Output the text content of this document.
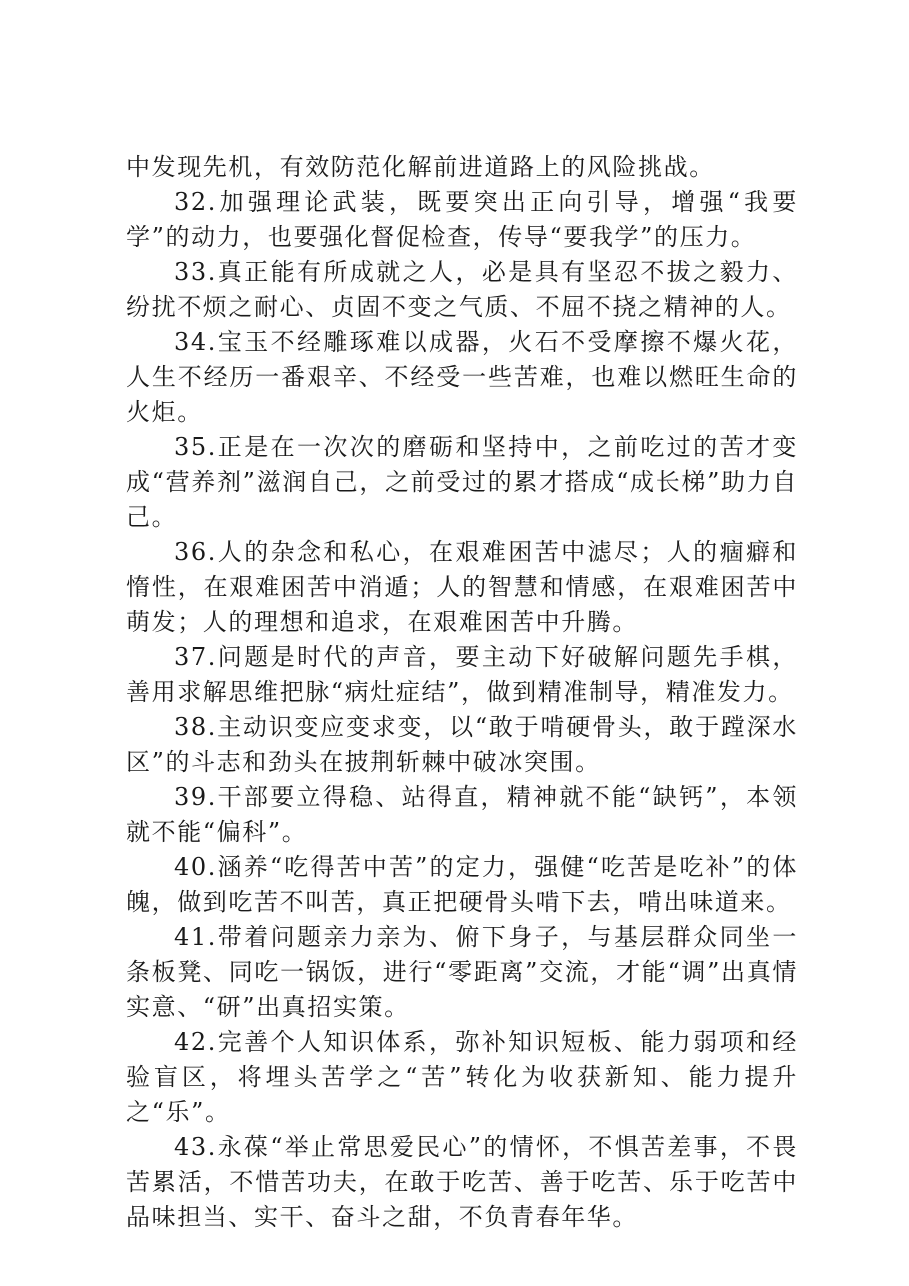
中发现先机，有效防范化解前进道路上的风险挑战。

32.加强理论武装，既要突出正向引导，增强“我要学”的动力，也要强化督促检查，传导“要我学”的压力。

33.真正能有所成就之人，必是具有坚忍不拔之毅力、纷扰不烦之耐心、贞固不变之气质、不屈不挠之精神的人。

34.宝玉不经雕琢难以成器，火石不受摩擦不爆火花，人生不经历一番艰辛、不经受一些苦难，也难以燃旺生命的火炬。

35.正是在一次次的磨砺和坚持中，之前吃过的苦才变成“营养剂”滋润自己，之前受过的累才搭成“成长梯”助力自己。

36.人的杂念和私心，在艰难困苦中滤尽；人的痼癖和惰性，在艰难困苦中消遁；人的智慧和情感，在艰难困苦中萌发；人的理想和追求，在艰难困苦中升腾。

37.问题是时代的声音，要主动下好破解问题先手棋，善用求解思维把脉“病灶症结”，做到精准制导，精准发力。

38.主动识变应变求变，以“敢于啃硬骨头，敢于蹚深水区”的斗志和劲头在披荆斩棘中破冰突围。

39.干部要立得稳、站得直，精神就不能“缺钙”，本领就不能“偏科”。

40.涵养“吃得苦中苦”的定力，强健“吃苦是吃补”的体魄，做到吃苦不叫苦，真正把硬骨头啃下去，啃出味道来。

41.带着问题亲力亲为、俯下身子，与基层群众同坐一条板凳、同吃一锅饭，进行“零距离”交流，才能“调”出真情实意、“研”出真招实策。

42.完善个人知识体系，弥补知识短板、能力弱项和经验盲区，将埋头苦学之“苦”转化为收获新知、能力提升之“乐”。

43.永葆“举止常思爱民心”的情怀，不惧苦差事，不畏苦累活，不惜苦功夫，在敢于吃苦、善于吃苦、乐于吃苦中品味担当、实干、奋斗之甜，不负青春年华。
